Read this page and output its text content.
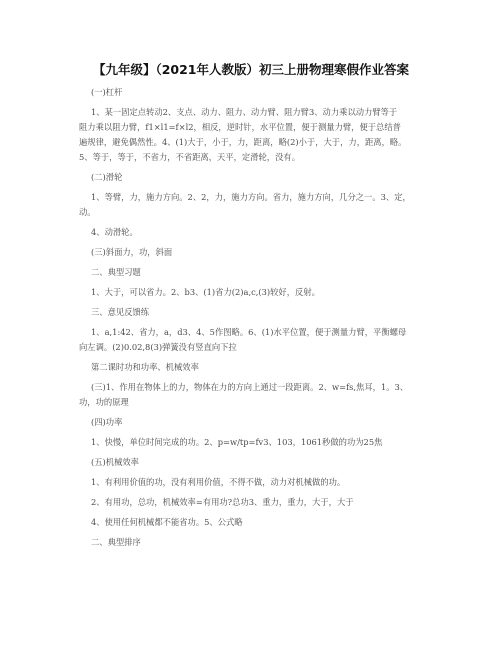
【九年级】（2021年人教版）初三上册物理寒假作业答案
(一)杠杆
1、某一固定点转动2、支点、动力、阻力、动力臂、阻力臂3、动力乘以动力臂等于
阻力乘以阻力臂，f1×l1=f×l2，相反，逆时针，水平位置，便于测量力臂，便于总结普
遍规律，避免偶然性。4、(1)大于，小于，力，距离，略(2)小于，大于，力，距离，略。
5、等于，等于，不省力，不省距离，天平，定滑轮，没有。
(二)滑轮
1、等臂，力，施力方向。2、2，力，施力方向。省力，施力方向，几分之一。3、定，
动。
4、动滑轮。
(三)斜面力，功，斜面
二、典型习题
1、大于，可以省力。2、b3、(1)省力(2)a,c,(3)较好，反射。
三、意见反馈练
1、a,1:42、省力，a，d3、4、5作图略。6、(1)水平位置，便于测量力臂，平衡螺母
向左调。(2)0.02,8(3)弹簧没有竖直向下拉
第二课时功和功率、机械效率
(三)1、作用在物体上的力，物体在力的方向上通过一段距离。2、w=fs,焦耳，1。3、
功，功的原理
(四)功率
1、快慢，单位时间完成的功。2、p=w/tp=fv3、103，1061秒做的功为25焦
(五)机械效率
1、有利用价值的功，没有利用价值，不得不做，动力对机械做的功。
2、有用功，总功，机械效率=有用功?总功3、重力，重力，大于，大于
4、使用任何机械都不能省功。5、公式略
二、典型排序
